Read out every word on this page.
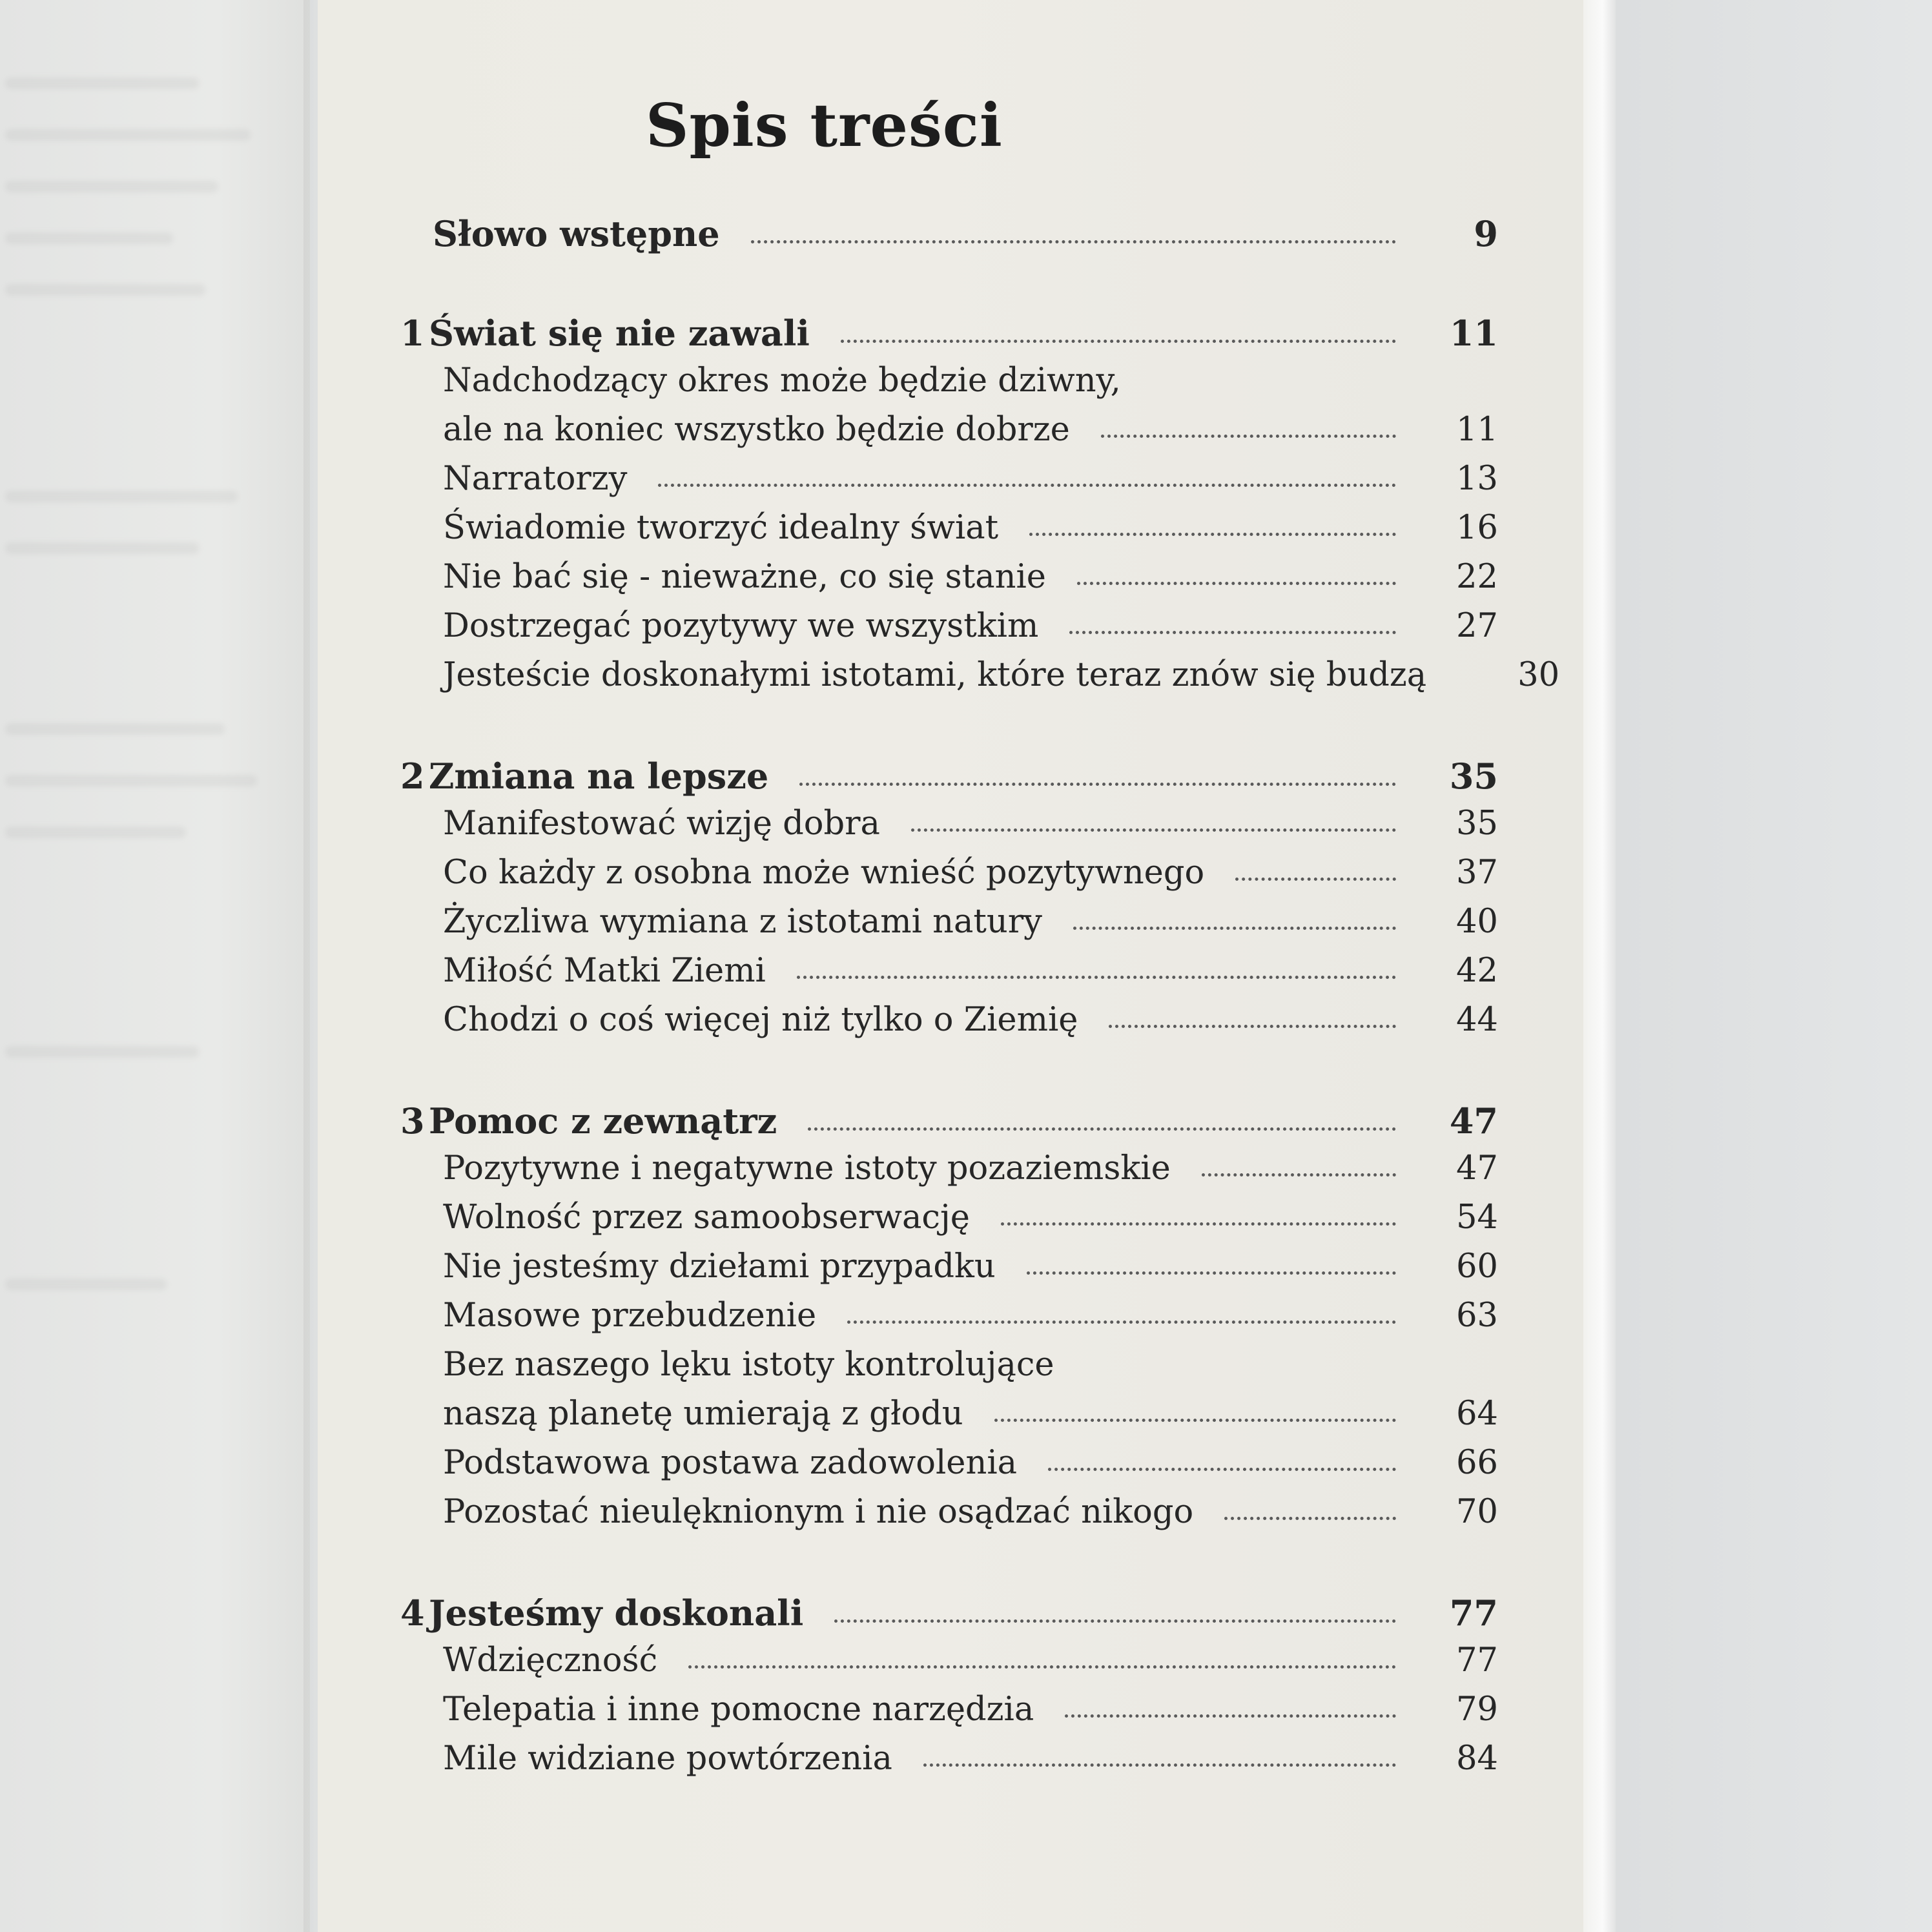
Spis treści
Słowo wstępne	9
1 Świat się nie zawali	11
Nadchodzący okres może będzie dziwny,
ale na koniec wszystko będzie dobrze	11
Narratorzy	13
Świadomie tworzyć idealny świat	16
Nie bać się - nieważne, co się stanie	22
Dostrzegać pozytywy we wszystkim	27
Jesteście doskonałymi istotami, które teraz znów się budzą	30
2 Zmiana na lepsze	35
Manifestować wizję dobra	35
Co każdy z osobna może wnieść pozytywnego	37
Życzliwa wymiana z istotami natury	40
Miłość Matki Ziemi	42
Chodzi o coś więcej niż tylko o Ziemię	44
3 Pomoc z zewnątrz	47
Pozytywne i negatywne istoty pozaziemskie	47
Wolność przez samoobserwację	54
Nie jesteśmy dziełami przypadku	60
Masowe przebudzenie	63
Bez naszego lęku istoty kontrolujące
naszą planetę umierają z głodu	64
Podstawowa postawa zadowolenia	66
Pozostać nieulęknionym i nie osądzać nikogo	70
4 Jesteśmy doskonali	77
Wdzięczność	77
Telepatia i inne pomocne narzędzia	79
Mile widziane powtórzenia	84
